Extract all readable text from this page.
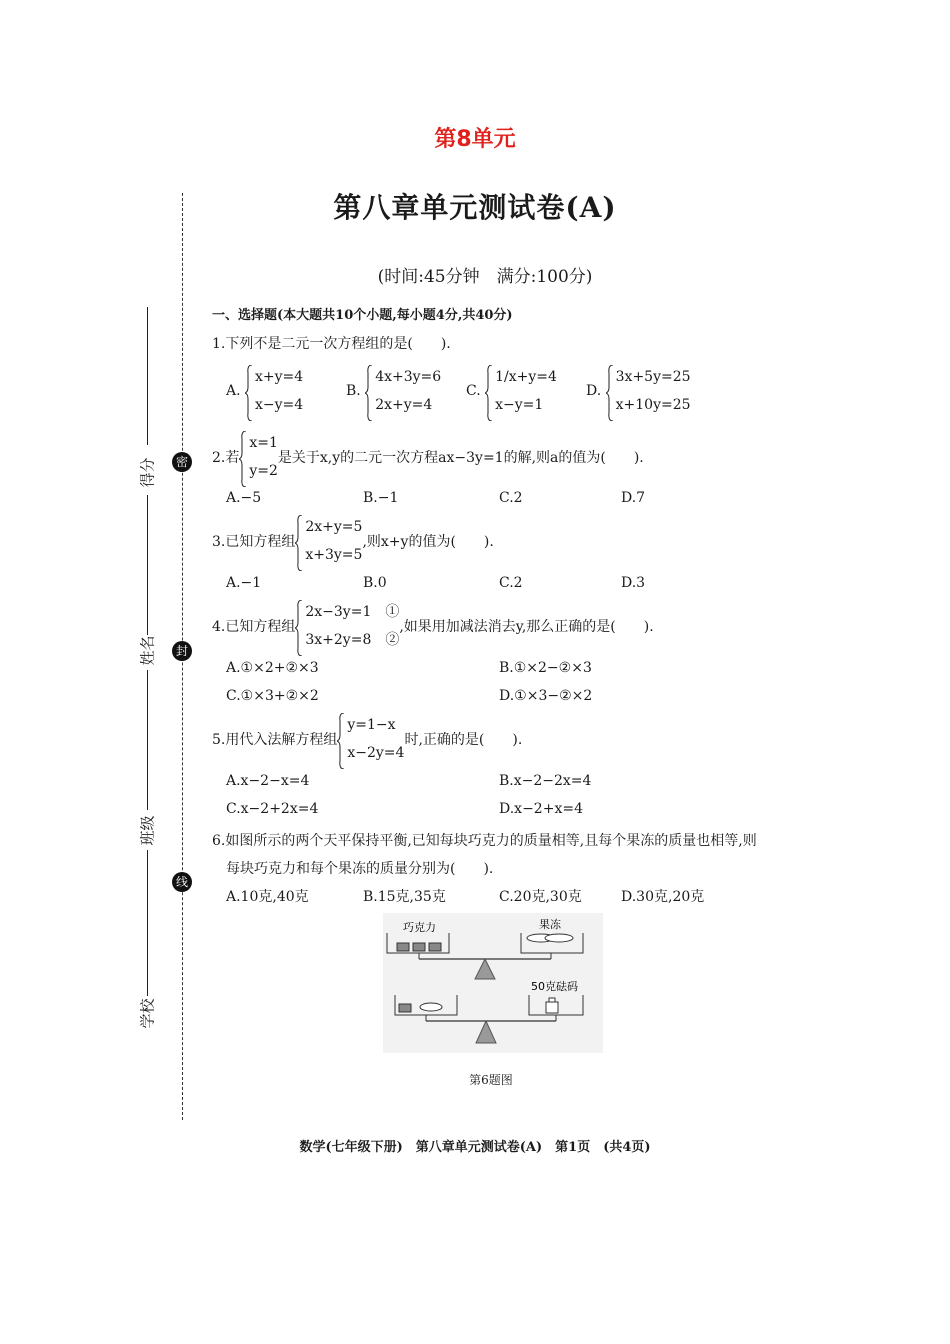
第8单元
第八章单元测试卷(A)
(时间:45分钟　满分:100分)
密
封
线
得分
姓名
班级
学校
一、选择题(本大题共10个小题,每小题4分,共40分)
1.下列不是二元一次方程组的是(　　).
A.
x+y=4
x−y=4
B.
4x+3y=6
2x+y=4
C.
1/x+y=4
x−y=1
D.
3x+5y=25
x+10y=25
2.若
x=1
y=2
是关于x,y的二元一次方程ax−3y=1的解,则a的值为(　　).
A.−5	B.−1	C.2	D.7
3.已知方程组
2x+y=5
x+3y=5
,则x+y的值为(　　).
A.−1	B.0	C.2	D.3
4.已知方程组
2x−3y=1　①
3x+2y=8　②
,如果用加减法消去y,那么正确的是(　　).
A.①×2+②×3	B.①×2−②×3
C.①×3+②×2	D.①×3−②×2
5.用代入法解方程组
y=1−x
x−2y=4
时,正确的是(　　).
A.x−2−x=4	B.x−2−2x=4
C.x−2+2x=4	D.x−2+x=4
6.如图所示的两个天平保持平衡,已知每块巧克力的质量相等,且每个果冻的质量也相等,则
每块巧克力和每个果冻的质量分别为(　　).
A.10克,40克	B.15克,35克	C.20克,30克	D.30克,20克
巧克力	果冻
50克砝码
第6题图
数学(七年级下册)　第八章单元测试卷(A)　第1页　(共4页)
